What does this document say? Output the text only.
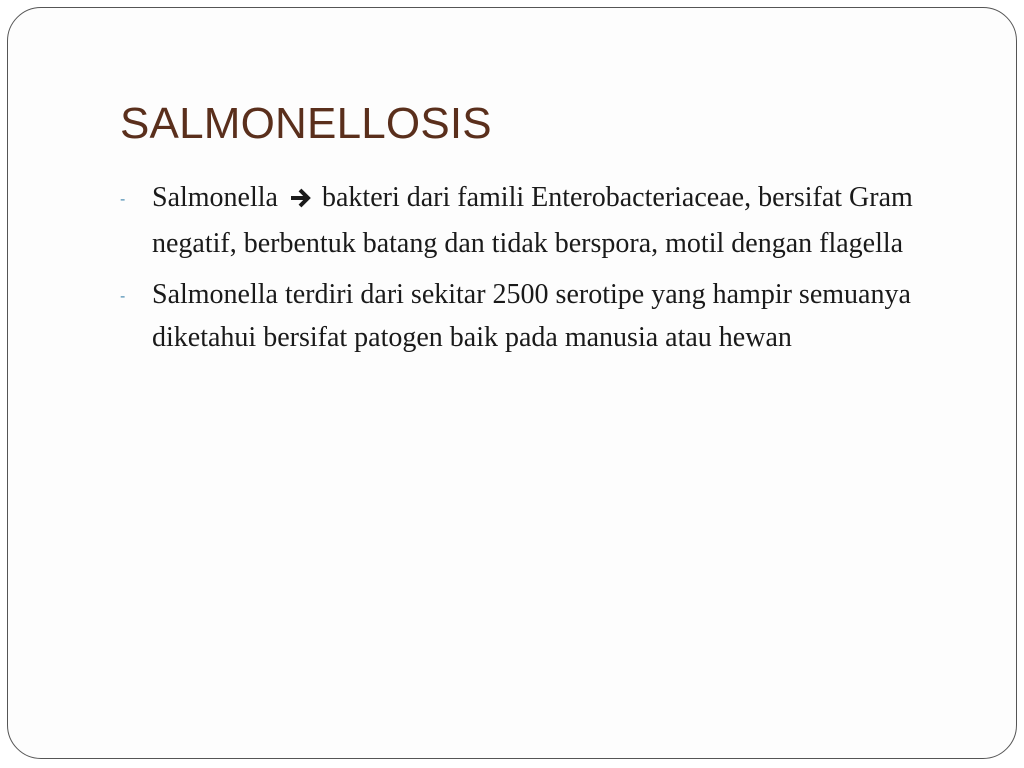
SALMONELLOSIS
- Salmonella bakteri dari famili Enterobacteriaceae, bersifat Gram negatif, berbentuk batang dan tidak berspora, motil dengan flagella
- Salmonella terdiri dari sekitar 2500 serotipe yang hampir semuanya diketahui bersifat patogen baik pada manusia atau hewan
